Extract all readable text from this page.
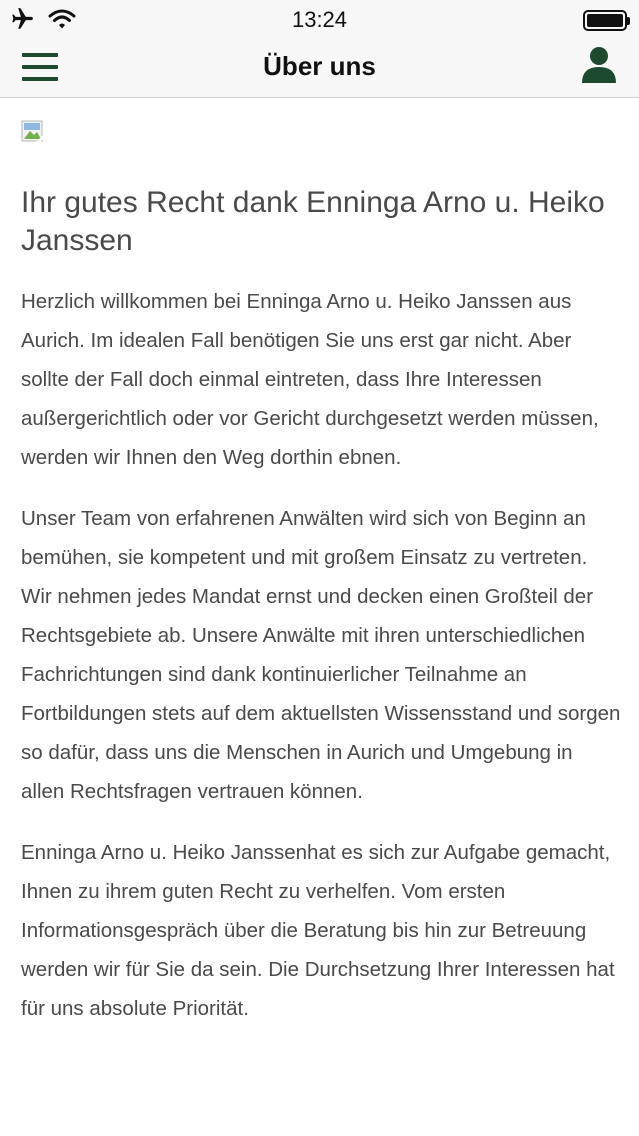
13:24
Über uns
Ihr gutes Recht dank Enninga Arno u. Heiko Janssen

Herzlich willkommen bei Enninga Arno u. Heiko Janssen aus Aurich. Im idealen Fall benötigen Sie uns erst gar nicht. Aber sollte der Fall doch einmal eintreten, dass Ihre Interessen außergerichtlich oder vor Gericht durchgesetzt werden müssen, werden wir Ihnen den Weg dorthin ebnen.

Unser Team von erfahrenen Anwälten wird sich von Beginn an bemühen, sie kompetent und mit großem Einsatz zu vertreten. Wir nehmen jedes Mandat ernst und decken einen Großteil der Rechtsgebiete ab. Unsere Anwälte mit ihren unterschiedlichen Fachrichtungen sind dank kontinuierlicher Teilnahme an Fortbildungen stets auf dem aktuellsten Wissensstand und sorgen so dafür, dass uns die Menschen in Aurich und Umgebung in allen Rechtsfragen vertrauen können.

Enninga Arno u. Heiko Janssenhat es sich zur Aufgabe gemacht, Ihnen zu ihrem guten Recht zu verhelfen. Vom ersten Informationsgespräch über die Beratung bis hin zur Betreuung werden wir für Sie da sein. Die Durchsetzung Ihrer Interessen hat für uns absolute Priorität.
